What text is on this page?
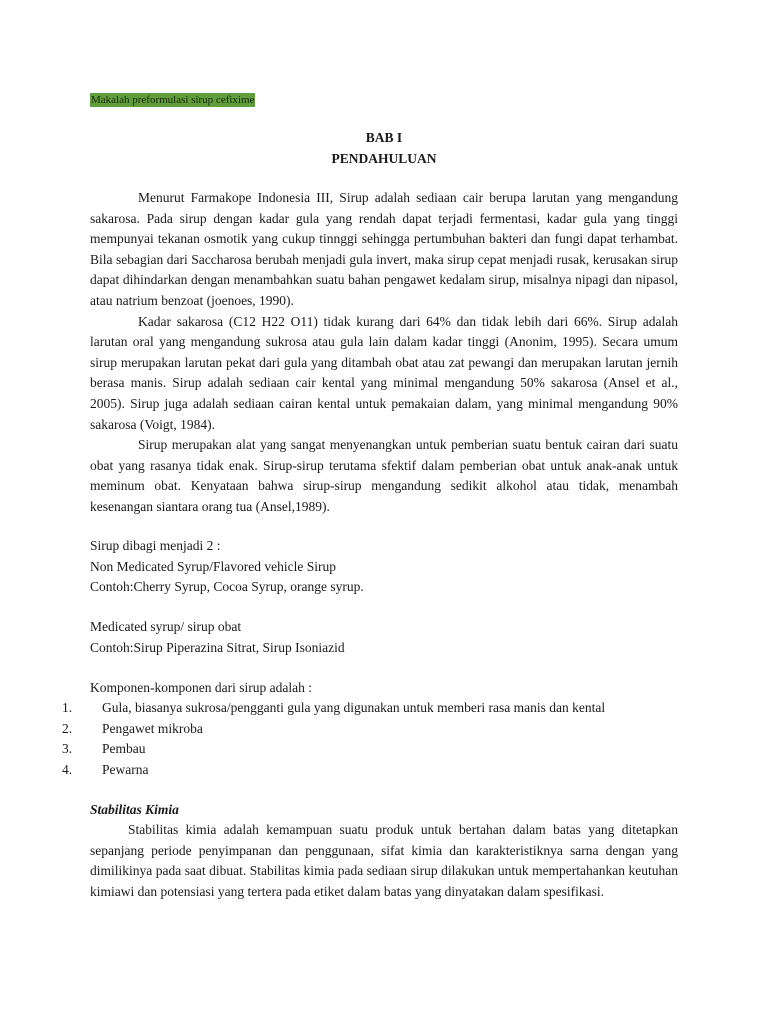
Makalah preformulasi sirup cefixime
BAB I
PENDAHULUAN

Menurut Farmakope Indonesia III, Sirup adalah sediaan cair berupa larutan yang mengandung sakarosa. Pada sirup dengan kadar gula yang rendah dapat terjadi fermentasi, kadar gula yang tinggi mempunyai tekanan osmotik yang cukup tinnggi sehingga pertumbuhan bakteri dan fungi dapat terhambat. Bila sebagian dari Saccharosa berubah menjadi gula invert, maka sirup cepat menjadi rusak, kerusakan sirup dapat dihindarkan dengan menambahkan suatu bahan pengawet kedalam sirup, misalnya nipagi dan nipasol, atau natrium benzoat (joenoes, 1990).

Kadar sakarosa (C12 H22 O11) tidak kurang dari 64% dan tidak lebih dari 66%. Sirup adalah larutan oral yang mengandung sukrosa atau gula lain dalam kadar tinggi (Anonim, 1995). Secara umum sirup merupakan larutan pekat dari gula yang ditambah obat atau zat pewangi dan merupakan larutan jernih berasa manis. Sirup adalah sediaan cair kental yang minimal mengandung 50% sakarosa (Ansel et al., 2005). Sirup juga adalah sediaan cairan kental untuk pemakaian dalam, yang minimal mengandung 90% sakarosa (Voigt, 1984).

Sirup merupakan alat yang sangat menyenangkan untuk pemberian suatu bentuk cairan dari suatu obat yang rasanya tidak enak. Sirup-sirup terutama sfektif dalam pemberian obat untuk anak-anak untuk meminum obat. Kenyataan bahwa sirup-sirup mengandung sedikit alkohol atau tidak, menambah kesenangan siantara orang tua (Ansel,1989).

Sirup dibagi menjadi 2 :
Non Medicated Syrup/Flavored vehicle Sirup
Contoh:Cherry Syrup, Cocoa Syrup, orange syrup.
Medicated syrup/ sirup obat
Contoh:Sirup Piperazina Sitrat, Sirup Isoniazid
Komponen-komponen dari sirup adalah :
1.	Gula, biasanya sukrosa/pengganti gula yang digunakan untuk memberi rasa manis dan kental
2.	Pengawet mikroba
3.	Pembau
4.	Pewarna
Stabilitas Kimia

Stabilitas kimia adalah kemampuan suatu produk untuk bertahan dalam batas yang ditetapkan sepanjang periode penyimpanan dan penggunaan, sifat kimia dan karakteristiknya sarna dengan yang dimilikinya pada saat dibuat. Stabilitas kimia pada sediaan sirup dilakukan untuk mempertahankan keutuhan kimiawi dan potensiasi yang tertera pada etiket dalam batas yang dinyatakan dalam spesifikasi.
